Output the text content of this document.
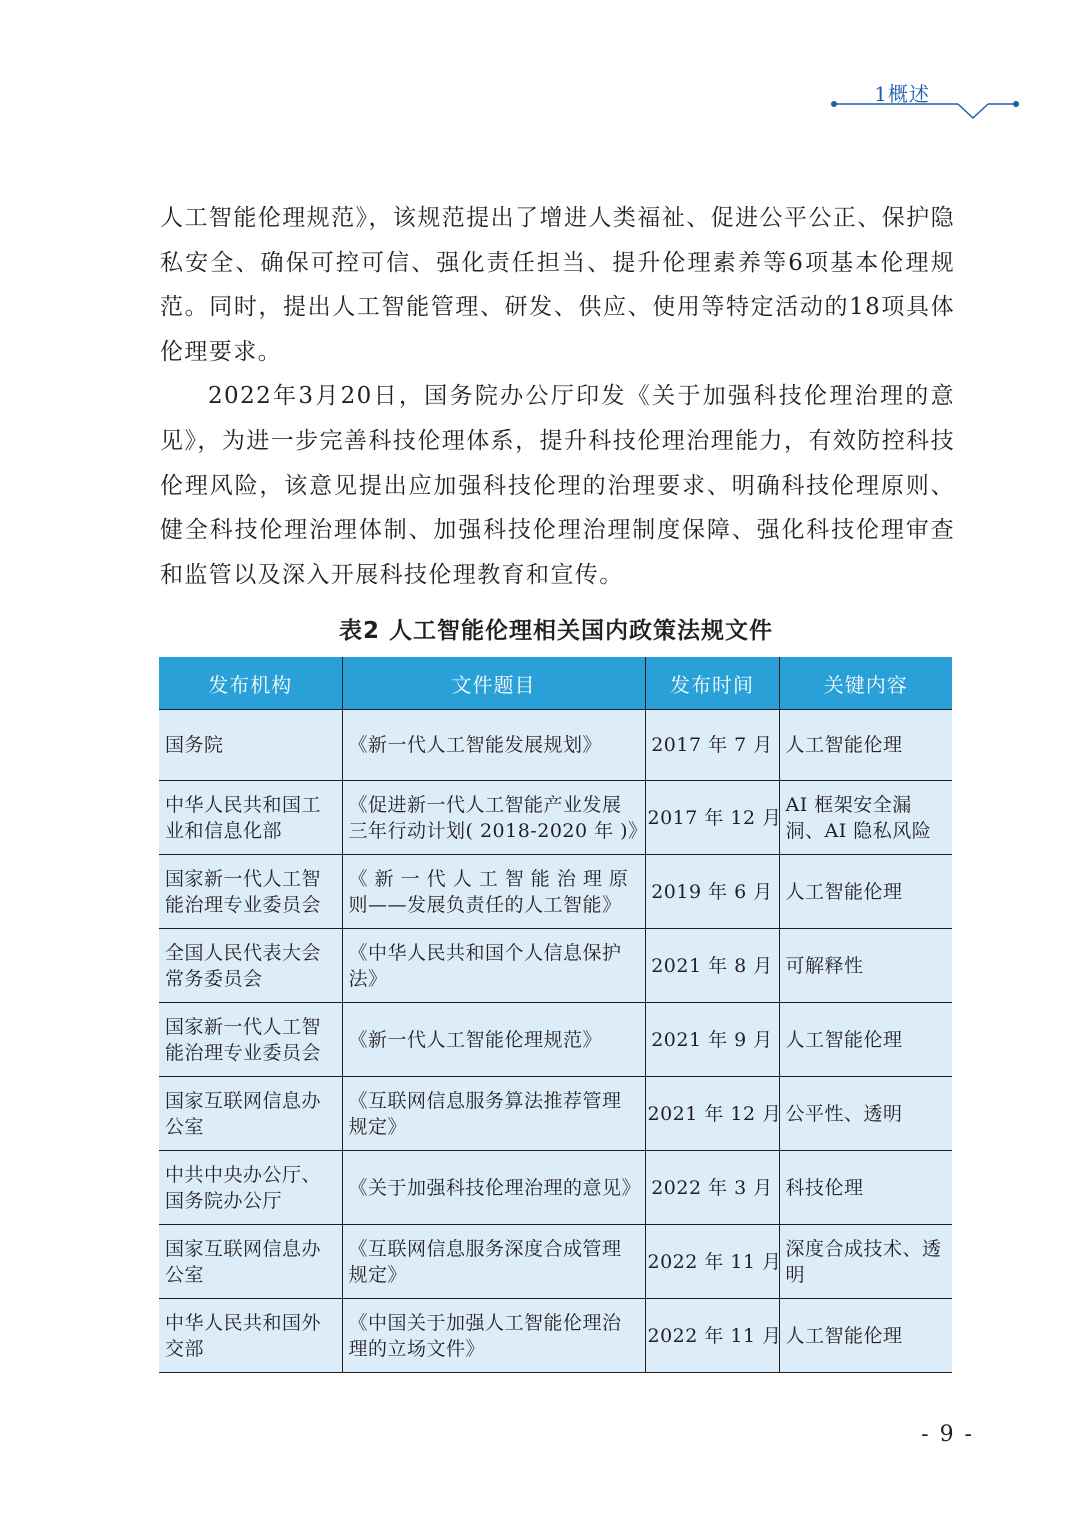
1概述

人工智能伦理规范》，该规范提出了增进人类福祉、促进公平公正、保护隐私安全、确保可控可信、强化责任担当、提升伦理素养等6项基本伦理规范。同时，提出人工智能管理、研发、供应、使用等特定活动的18项具体伦理要求。

2022年3月20日，国务院办公厅印发《关于加强科技伦理治理的意见》，为进一步完善科技伦理体系，提升科技伦理治理能力，有效防控科技伦理风险，该意见提出应加强科技伦理的治理要求、明确科技伦理原则、健全科技伦理治理体制、加强科技伦理治理制度保障、强化科技伦理审查和监管以及深入开展科技伦理教育和宣传。

表2 人工智能伦理相关国内政策法规文件
发布机构	文件题目	发布时间	关键内容
国务院	《新一代人工智能发展规划》	2017 年 7 月	人工智能伦理
中华人民共和国工业和信息化部	《促进新一代人工智能产业发展三年行动计划( 2018-2020 年 )》	2017 年 12 月	AI 框架安全漏洞、AI 隐私风险
国家新一代人工智能治理专业委员会	《 新 一 代 人 工 智 能 治 理 原则——发展负责任的人工智能》	2019 年 6 月	人工智能伦理
全国人民代表大会常务委员会	《中华人民共和国个人信息保护法》	2021 年 8 月	可解释性
国家新一代人工智能治理专业委员会	《新一代人工智能伦理规范》	2021 年 9 月	人工智能伦理
国家互联网信息办公室	《互联网信息服务算法推荐管理规定》	2021 年 12 月	公平性、透明
中共中央办公厅、国务院办公厅	《关于加强科技伦理治理的意见》	2022 年 3 月	科技伦理
国家互联网信息办公室	《互联网信息服务深度合成管理规定》	2022 年 11 月	深度合成技术、透明
中华人民共和国外交部	《中国关于加强人工智能伦理治理的立场文件》	2022 年 11 月	人工智能伦理
- 9 -
